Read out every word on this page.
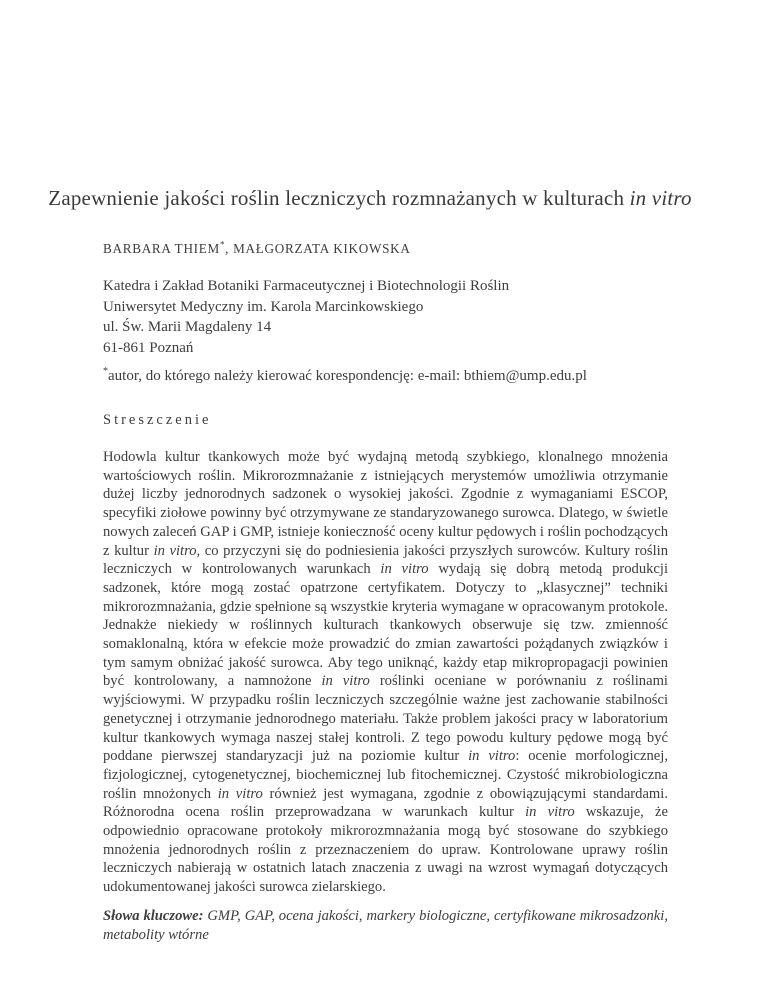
Zapewnienie jakości roślin leczniczych rozmnażanych w kulturach in vitro

BARBARA THIEM*, MAŁGORZATA KIKOWSKA

Katedra i Zakład Botaniki Farmaceutycznej i Biotechnologii Roślin

Uniwersytet Medyczny im. Karola Marcinkowskiego

ul. Św. Marii Magdaleny 14

61-861 Poznań

*autor, do którego należy kierować korespondencję: e-mail: bthiem@ump.edu.pl

Streszczenie

Hodowla kultur tkankowych może być wydajną metodą szybkiego, klonalnego mnożenia wartościowych roślin. Mikrorozmnażanie z istniejących merystemów umożliwia otrzymanie dużej liczby jednorodnych sadzonek o wysokiej jakości. Zgodnie z wymaganiami ESCOP, specyfiki ziołowe powinny być otrzymywane ze standaryzowanego surowca. Dlatego, w świetle nowych zaleceń GAP i GMP, istnieje konieczność oceny kultur pędowych i roślin pochodzących z kultur in vitro, co przyczyni się do podniesienia jakości przyszłych surowców. Kultury roślin leczniczych w kontrolowanych warunkach in vitro wydają się dobrą metodą produkcji sadzonek, które mogą zostać opatrzone certyfikatem. Dotyczy to „klasycznej” techniki mikrorozmnażania, gdzie spełnione są wszystkie kryteria wymagane w opracowanym protokole. Jednakże niekiedy w roślinnych kulturach tkankowych obserwuje się tzw. zmienność somaklonalną, która w efekcie może prowadzić do zmian zawartości pożądanych związków i tym samym obniżać jakość surowca. Aby tego uniknąć, każdy etap mikropropagacji powinien być kontrolowany, a namnożone in vitro roślinki oceniane w porównaniu z roślinami wyjściowymi. W przypadku roślin leczniczych szczególnie ważne jest zachowanie stabilności genetycznej i otrzymanie jednorodnego materiału. Także problem jakości pracy w laboratorium kultur tkankowych wymaga naszej stałej kontroli. Z tego powodu kultury pędowe mogą być poddane pierwszej standaryzacji już na poziomie kultur in vitro: ocenie morfologicznej, fizjologicznej, cytogenetycznej, biochemicznej lub fitochemicznej. Czystość mikrobiologiczna roślin mnożonych in vitro również jest wymagana, zgodnie z obowiązującymi standardami. Różnorodna ocena roślin przeprowadzana w warunkach kultur in vitro wskazuje, że odpowiednio opracowane protokoły mikrorozmnażania mogą być stosowane do szybkiego mnożenia jednorodnych roślin z przeznaczeniem do upraw. Kontrolowane uprawy roślin leczniczych nabierają w ostatnich latach znaczenia z uwagi na wzrost wymagań dotyczących udokumentowanej jakości surowca zielarskiego.

Słowa kluczowe: GMP, GAP, ocena jakości, markery biologiczne, certyfikowane mikrosadzonki, metabolity wtórne
